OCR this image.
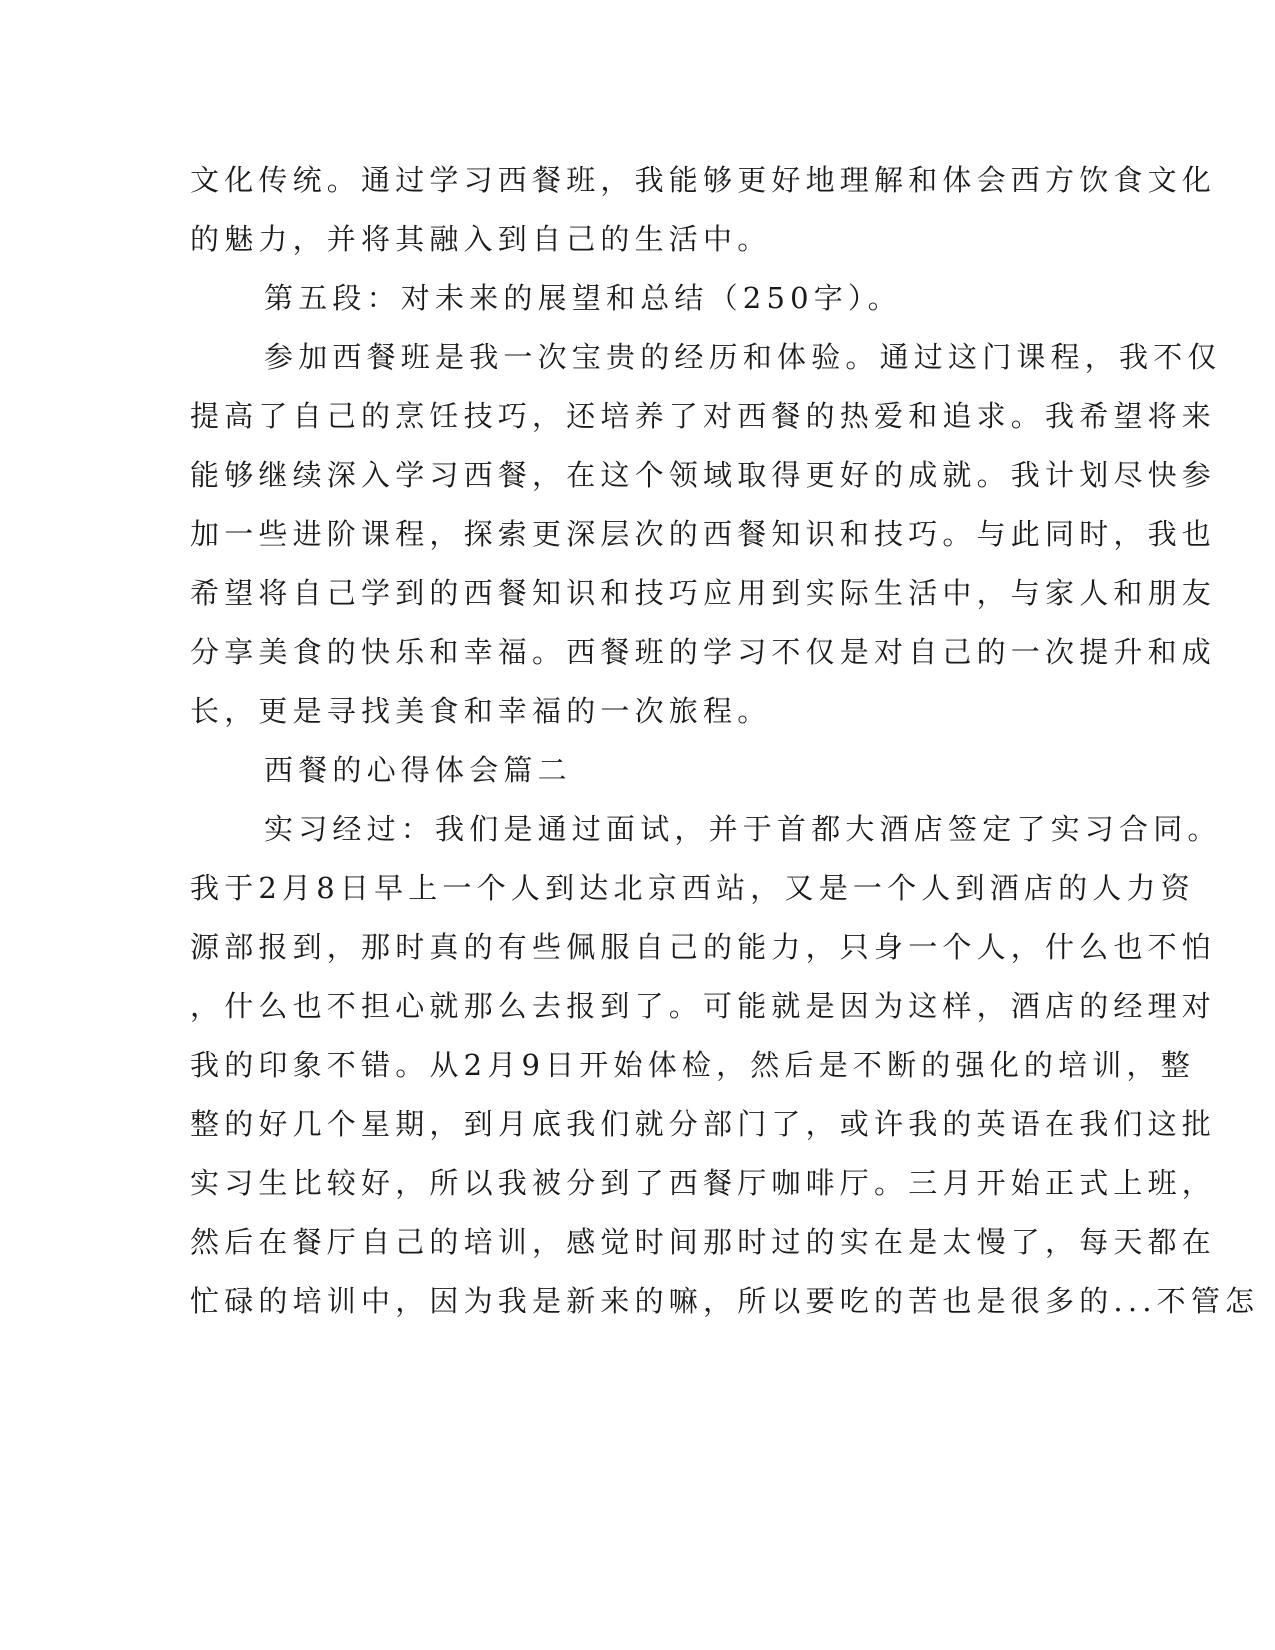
文化传统。通过学习西餐班，我能够更好地理解和体会西方饮食文化
的魅力，并将其融入到自己的生活中。
第五段：对未来的展望和总结（250字）。
参加西餐班是我一次宝贵的经历和体验。通过这门课程，我不仅
提高了自己的烹饪技巧，还培养了对西餐的热爱和追求。我希望将来
能够继续深入学习西餐，在这个领域取得更好的成就。我计划尽快参
加一些进阶课程，探索更深层次的西餐知识和技巧。与此同时，我也
希望将自己学到的西餐知识和技巧应用到实际生活中，与家人和朋友
分享美食的快乐和幸福。西餐班的学习不仅是对自己的一次提升和成
长，更是寻找美食和幸福的一次旅程。
西餐的心得体会篇二
实习经过：我们是通过面试，并于首都大酒店签定了实习合同。
我于2月8日早上一个人到达北京西站，又是一个人到酒店的人力资
源部报到，那时真的有些佩服自己的能力，只身一个人，什么也不怕
，什么也不担心就那么去报到了。可能就是因为这样，酒店的经理对
我的印象不错。从2月9日开始体检，然后是不断的强化的培训，整
整的好几个星期，到月底我们就分部门了，或许我的英语在我们这批
实习生比较好，所以我被分到了西餐厅咖啡厅。三月开始正式上班，
然后在餐厅自己的培训，感觉时间那时过的实在是太慢了，每天都在
忙碌的培训中，因为我是新来的嘛，所以要吃的苦也是很多的...不管怎
